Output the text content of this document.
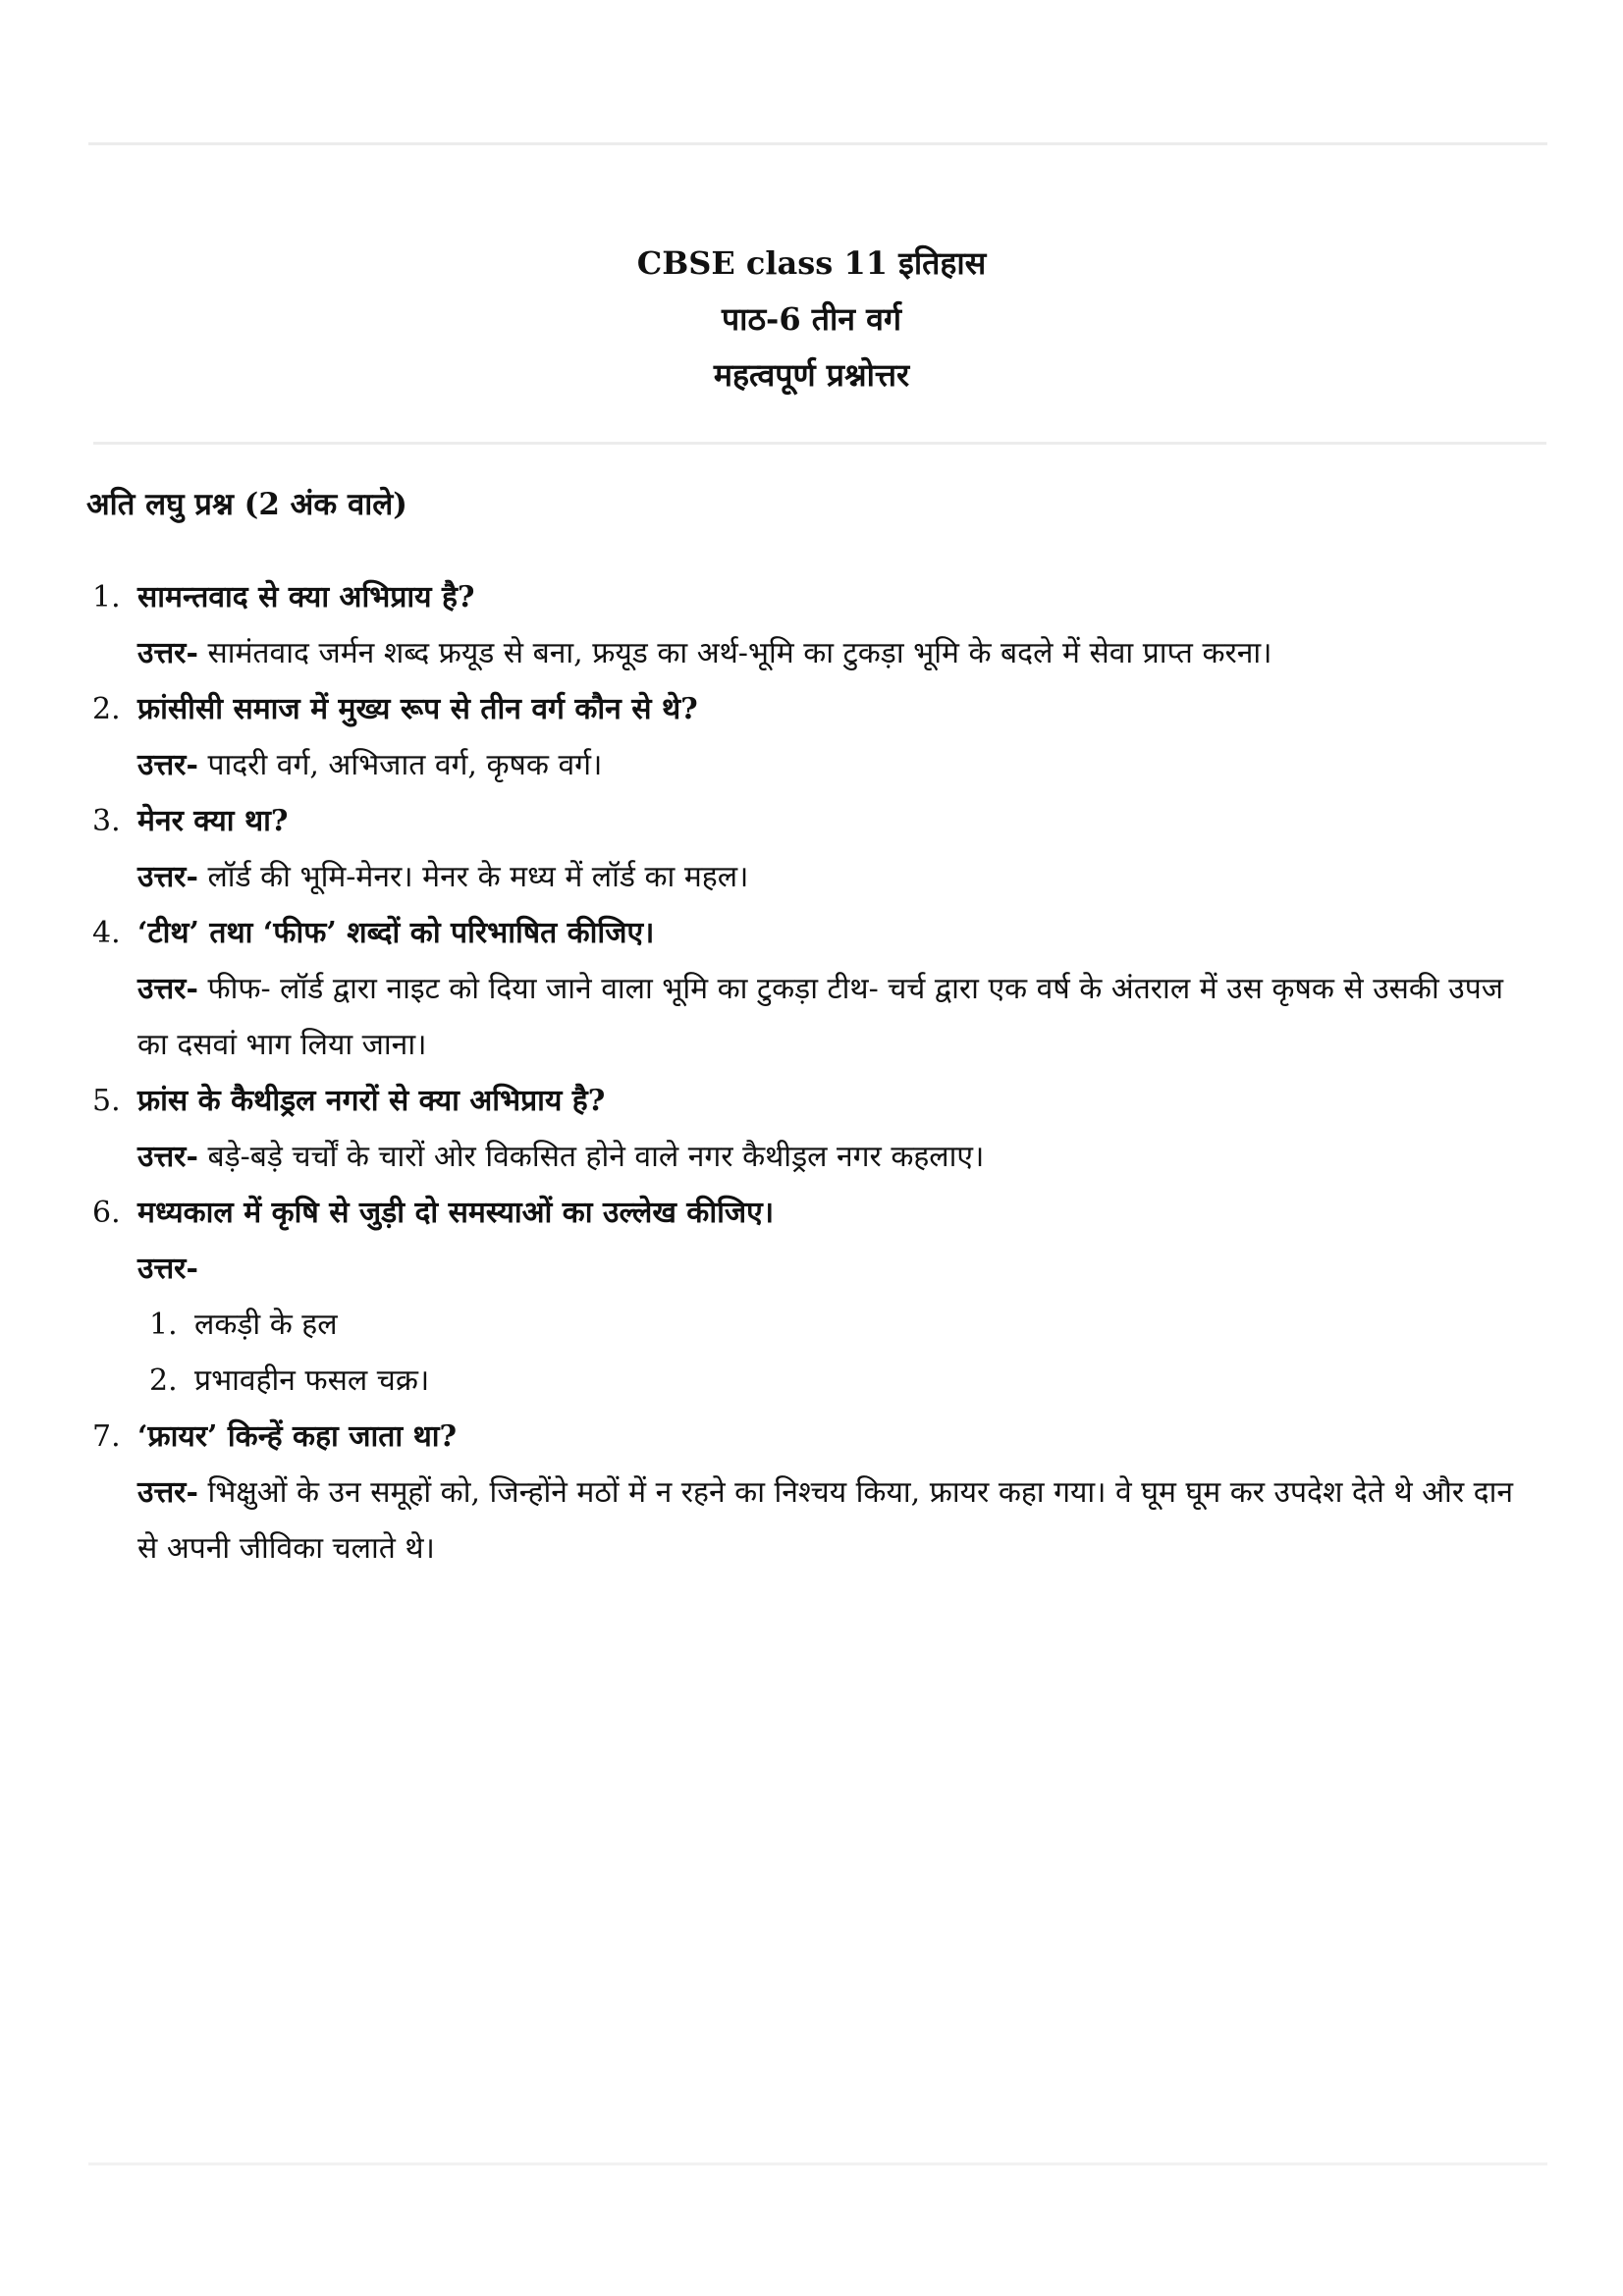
CBSE class 11 इतिहास
पाठ-6 तीन वर्ग
महत्वपूर्ण प्रश्नोत्तर
अति लघु प्रश्न (2 अंक वाले)
1. सामन्तवाद से क्या अभिप्राय है?
उत्तर- सामंतवाद जर्मन शब्द फ्रयूड से बना, फ्रयूड का अर्थ-भूमि का टुकड़ा भूमि के बदले में सेवा प्राप्त करना।
2. फ्रांसीसी समाज में मुख्य रूप से तीन वर्ग कौन से थे?
उत्तर- पादरी वर्ग, अभिजात वर्ग, कृषक वर्ग।
3. मेनर क्या था?
उत्तर- लॉर्ड की भूमि-मेनर। मेनर के मध्य में लॉर्ड का महल।
4. ‘टीथ’ तथा ‘फीफ’ शब्दों को परिभाषित कीजिए।
उत्तर- फीफ- लॉर्ड द्वारा नाइट को दिया जाने वाला भूमि का टुकड़ा टीथ- चर्च द्वारा एक वर्ष के अंतराल में उस कृषक से उसकी उपज का दसवां भाग लिया जाना।
5. फ्रांस के कैथीड्रल नगरों से क्या अभिप्राय है?
उत्तर- बड़े-बड़े चर्चों के चारों ओर विकसित होने वाले नगर कैथीड्रल नगर कहलाए।
6. मध्यकाल में कृषि से जुड़ी दो समस्याओं का उल्लेख कीजिए।
उत्तर-
1. लकड़ी के हल
2. प्रभावहीन फसल चक्र।
7. ‘फ्रायर’ किन्हें कहा जाता था?
उत्तर- भिक्षुओं के उन समूहों को, जिन्होंने मठों में न रहने का निश्चय किया, फ्रायर कहा गया। वे घूम घूम कर उपदेश देते थे और दान से अपनी जीविका चलाते थे।
